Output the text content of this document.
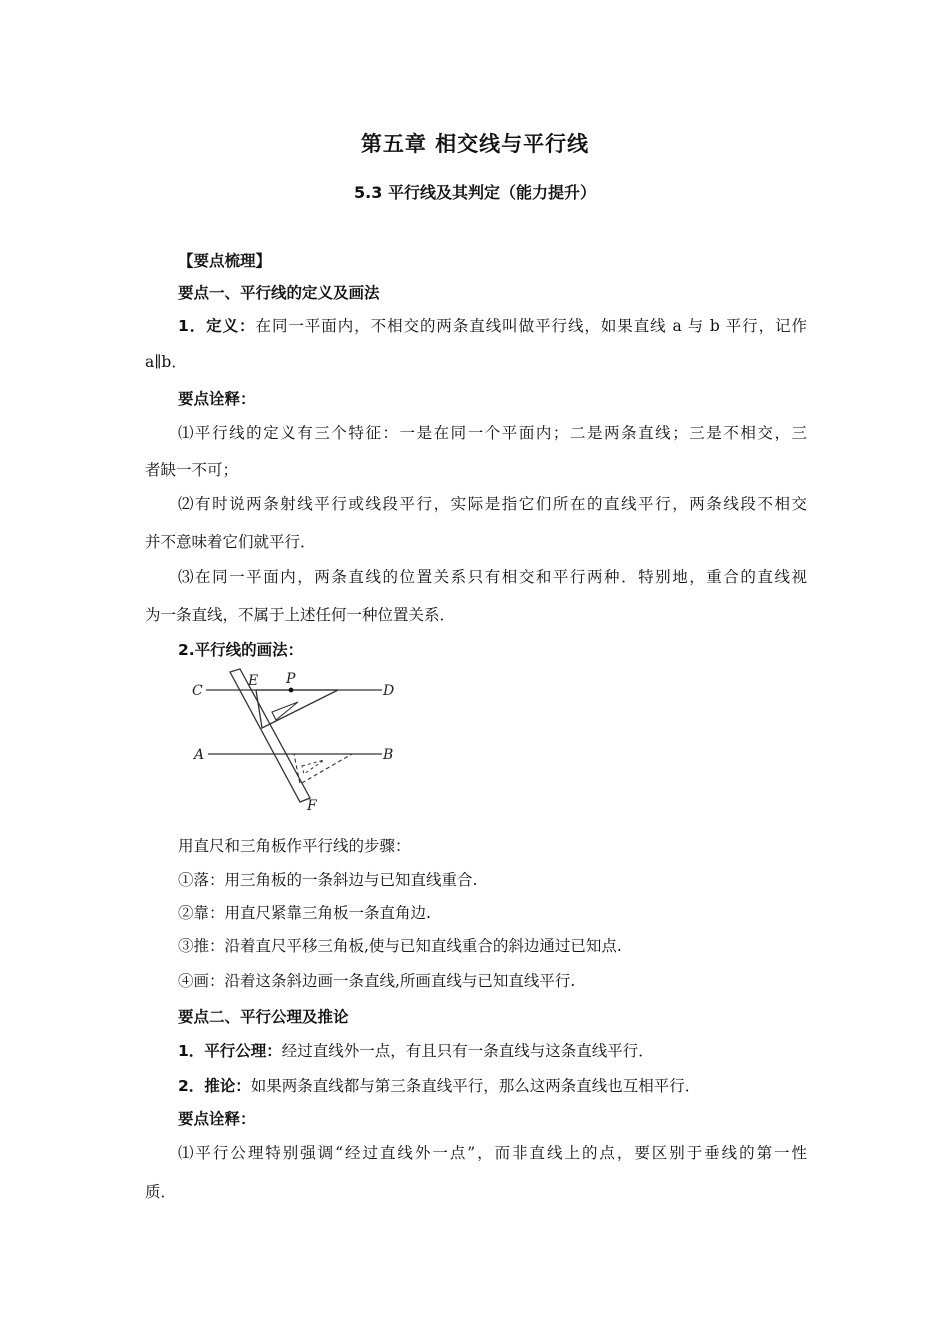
第五章 相交线与平行线
5.3 平行线及其判定（能力提升）
【要点梳理】
要点一、平行线的定义及画法
1．定义：在同一平面内，不相交的两条直线叫做平行线，如果直线 a 与 b 平行，记作
a∥b．
要点诠释：
⑴平行线的定义有三个特征：一是在同一个平面内；二是两条直线；三是不相交，三
者缺一不可；
⑵有时说两条射线平行或线段平行，实际是指它们所在的直线平行，两条线段不相交
并不意味着它们就平行．
⑶在同一平面内，两条直线的位置关系只有相交和平行两种．特别地，重合的直线视
为一条直线，不属于上述任何一种位置关系．
2.平行线的画法：
C
E P
D
A	B
F
用直尺和三角板作平行线的步骤：
①落：用三角板的一条斜边与已知直线重合.
②靠：用直尺紧靠三角板一条直角边.
③推：沿着直尺平移三角板,使与已知直线重合的斜边通过已知点.
④画：沿着这条斜边画一条直线,所画直线与已知直线平行.
要点二、平行公理及推论
1．平行公理：经过直线外一点，有且只有一条直线与这条直线平行．
2．推论：如果两条直线都与第三条直线平行，那么这两条直线也互相平行．
要点诠释：
⑴平行公理特别强调“经过直线外一点”，而非直线上的点，要区别于垂线的第一性
质．
